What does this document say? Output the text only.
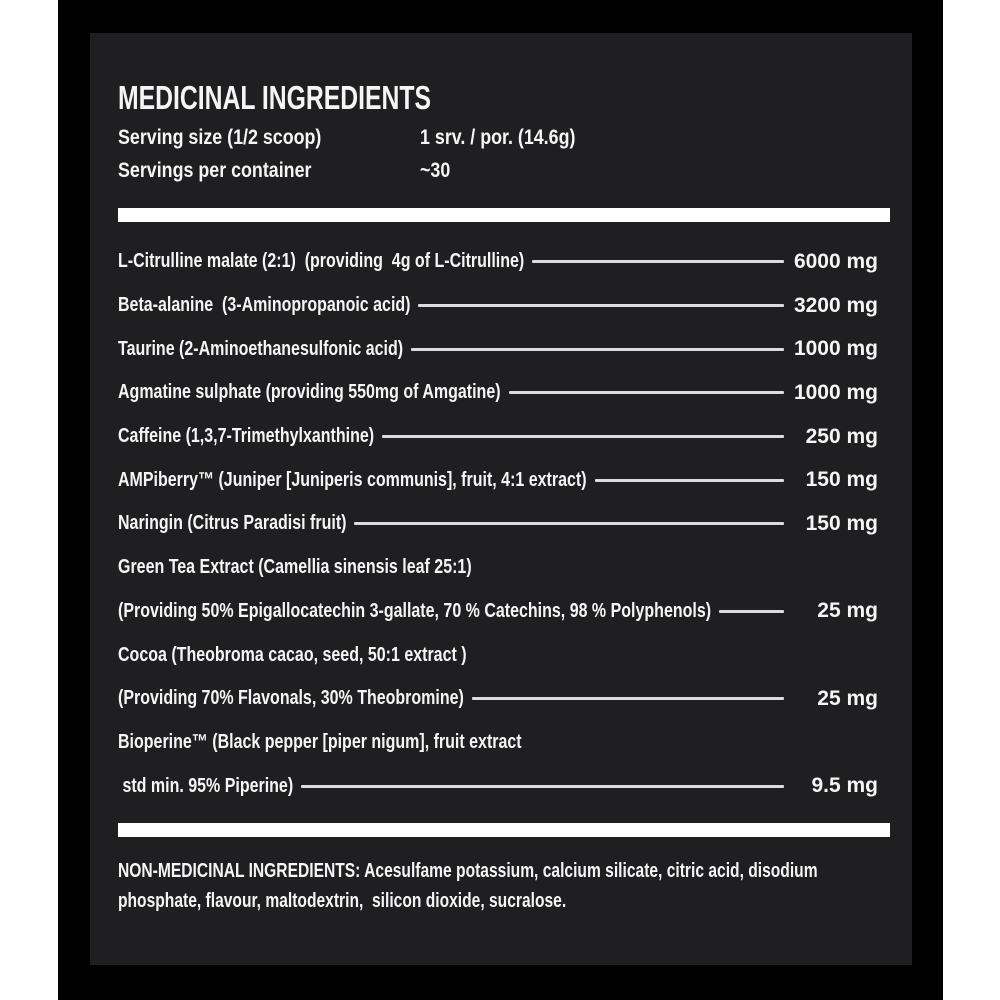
MEDICINAL INGREDIENTS
Serving size (1/2 scoop)	1 srv. / por. (14.6g)
Servings per container	~30
L-Citrulline malate (2:1)  (providing  4g of L-Citrulline)	6000 mg
Beta-alanine  (3-Aminopropanoic acid)	3200 mg
Taurine (2-Aminoethanesulfonic acid)	1000 mg
Agmatine sulphate (providing 550mg of Amgatine)	1000 mg
Caffeine (1,3,7-Trimethylxanthine)	250 mg
AMPiberry™ (Juniper [Juniperis communis], fruit, 4:1 extract)	150 mg
Naringin (Citrus Paradisi fruit)	150 mg
Green Tea Extract (Camellia sinensis leaf 25:1)
(Providing 50% Epigallocatechin 3-gallate, 70 % Catechins, 98 % Polyphenols)	25 mg
Cocoa (Theobroma cacao, seed, 50:1 extract )
(Providing 70% Flavonals, 30% Theobromine)	25 mg
Bioperine™ (Black pepper [piper nigum], fruit extract
std min. 95% Piperine)	9.5 mg
NON-MEDICINAL INGREDIENTS: Acesulfame potassium, calcium silicate, citric acid, disodium phosphate, flavour, maltodextrin,  silicon dioxide, sucralose.
